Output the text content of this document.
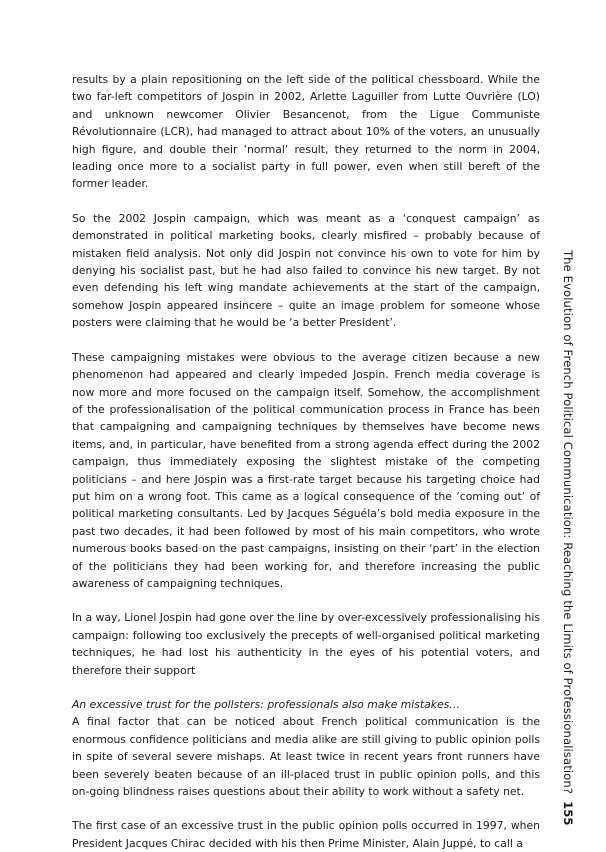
results by a plain repositioning on the left side of the political chessboard. While the two far-left competitors of Jospin in 2002, Arlette Laguiller from Lutte Ouvrière (LO) and unknown newcomer Olivier Besancenot, from the Ligue Communiste Révolutionnaire (LCR), had managed to attract about 10% of the voters, an unusually high figure, and double their ‘normal’ result, they returned to the norm in 2004, leading once more to a socialist party in full power, even when still bereft of the former leader.

So the 2002 Jospin campaign, which was meant as a ‘conquest campaign’ as demonstrated in political marketing books, clearly misfired – probably because of mistaken field analysis. Not only did Jospin not convince his own to vote for him by denying his socialist past, but he had also failed to convince his new target. By not even defending his left wing mandate achievements at the start of the campaign, somehow Jospin appeared insincere – quite an image problem for someone whose posters were claiming that he would be ‘a better President’.

These campaigning mistakes were obvious to the average citizen because a new phenomenon had appeared and clearly impeded Jospin. French media coverage is now more and more focused on the campaign itself. Somehow, the accomplishment of the professionalisation of the political communication process in France has been that campaigning and campaigning techniques by themselves have become news items, and, in particular, have benefited from a strong agenda effect during the 2002 campaign, thus immediately exposing the slightest mistake of the competing politicians – and here Jospin was a first-rate target because his targeting choice had put him on a wrong foot. This came as a logical consequence of the ‘coming out’ of political marketing consultants. Led by Jacques Séguéla’s bold media exposure in the past two decades, it had been followed by most of his main competitors, who wrote numerous books based on the past campaigns, insisting on their ‘part’ in the election of the politicians they had been working for, and therefore increasing the public awareness of campaigning techniques.

In a way, Lionel Jospin had gone over the line by over-excessively professionalising his campaign: following too exclusively the precepts of well-organised political marketing techniques, he had lost his authenticity in the eyes of his potential voters, and therefore their support

An excessive trust for the pollsters: professionals also make mistakes…

A final factor that can be noticed about French political communication is the enormous confidence politicians and media alike are still giving to public opinion polls in spite of several severe mishaps. At least twice in recent years front runners have been severely beaten because of an ill-placed trust in public opinion polls, and this on-going blindness raises questions about their ability to work without a safety net.

The first case of an excessive trust in the public opinion polls occurred in 1997, when President Jacques Chirac decided with his then Prime Minister, Alain Juppé, to call a

The Evolution of French Political Communication: Reaching the Limits of Professionalisation?155
